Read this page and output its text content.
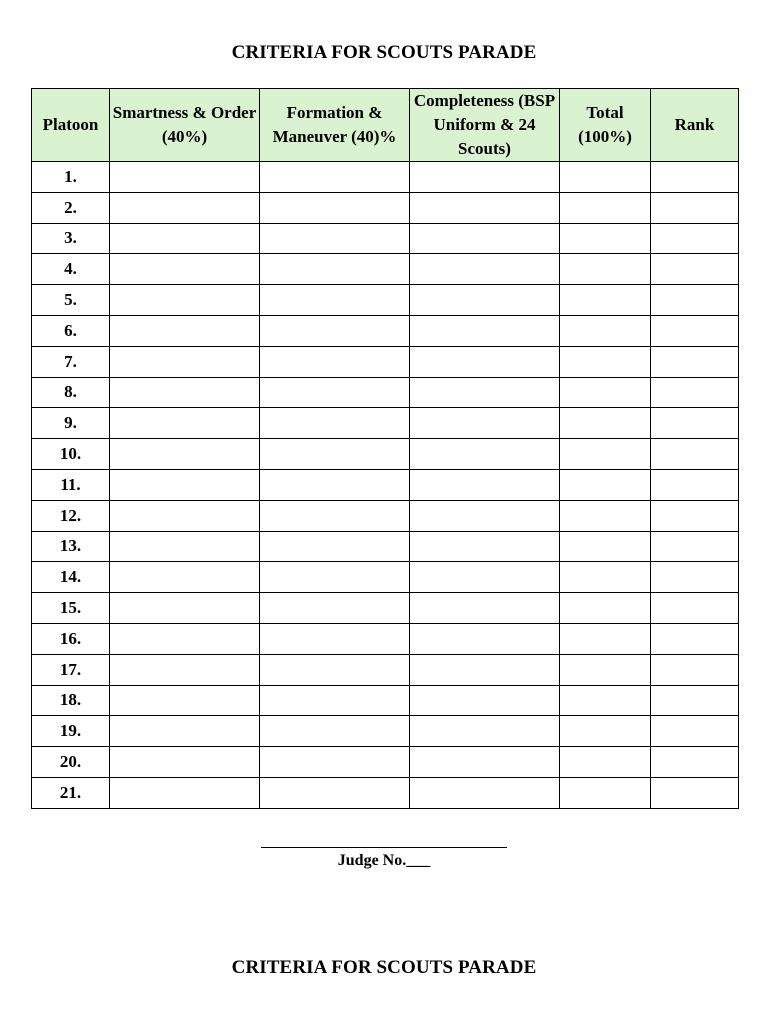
CRITERIA FOR SCOUTS PARADE
Platoon	Smartness & Order (40%)	Formation & Maneuver (40)%	Completeness (BSP Uniform & 24 Scouts)	Total (100%)	Rank
1.					
2.					
3.					
4.					
5.					
6.					
7.					
8.					
9.					
10.					
11.					
12.					
13.					
14.					
15.					
16.					
17.					
18.					
19.					
20.					
21.					
Judge No.___
CRITERIA FOR SCOUTS PARADE
